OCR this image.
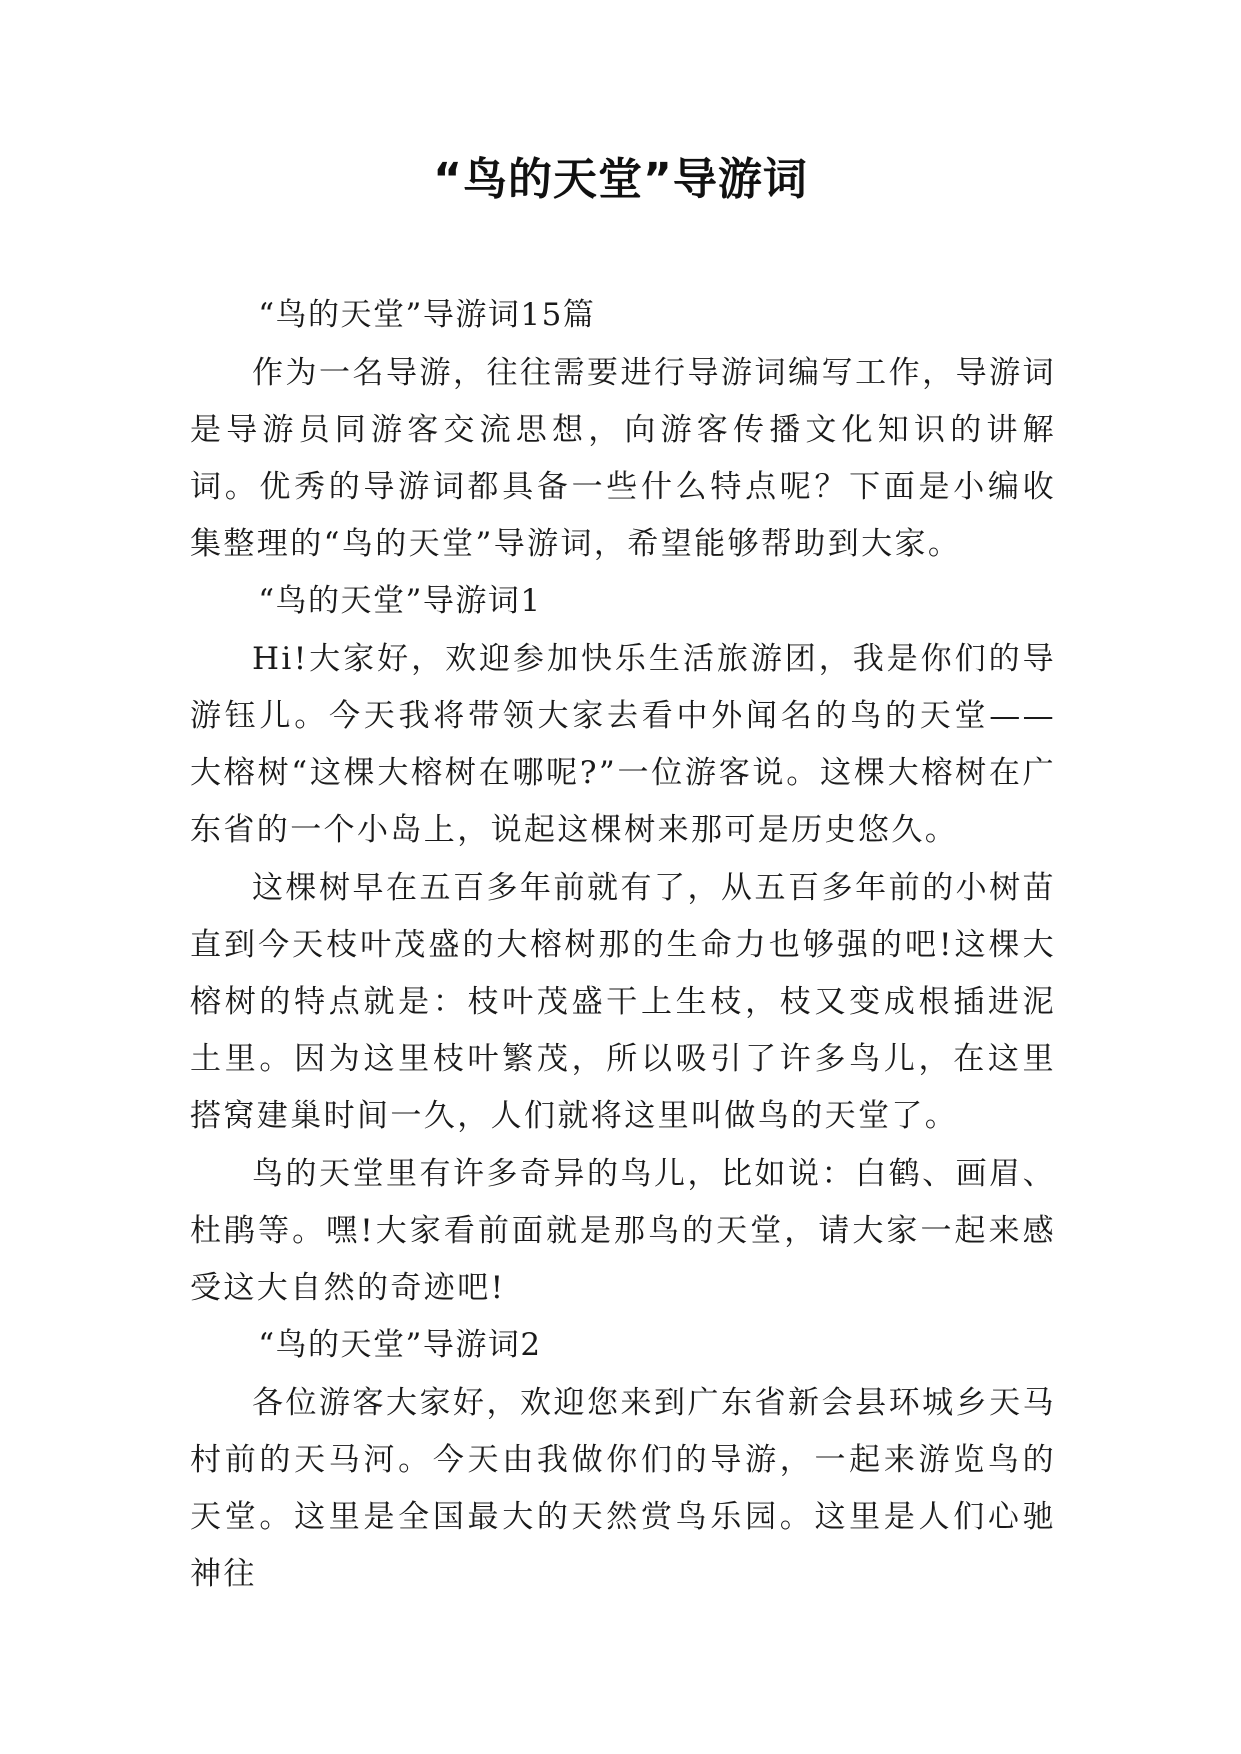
“鸟的天堂”导游词

“鸟的天堂”导游词15篇

作为一名导游，往往需要进行导游词编写工作，导游词是导游员同游客交流思想，向游客传播文化知识的讲解词。优秀的导游词都具备一些什么特点呢？下面是小编收集整理的“鸟的天堂”导游词，希望能够帮助到大家。

“鸟的天堂”导游词1

Hi!大家好，欢迎参加快乐生活旅游团，我是你们的导游钰儿。今天我将带领大家去看中外闻名的鸟的天堂——大榕树“这棵大榕树在哪呢?”一位游客说。这棵大榕树在广东省的一个小岛上，说起这棵树来那可是历史悠久。

这棵树早在五百多年前就有了，从五百多年前的小树苗直到今天枝叶茂盛的大榕树那的生命力也够强的吧!这棵大榕树的特点就是：枝叶茂盛干上生枝，枝又变成根插进泥土里。因为这里枝叶繁茂，所以吸引了许多鸟儿，在这里搭窝建巢时间一久，人们就将这里叫做鸟的天堂了。

鸟的天堂里有许多奇异的鸟儿，比如说：白鹤、画眉、杜鹃等。嘿!大家看前面就是那鸟的天堂，请大家一起来感受这大自然的奇迹吧!

“鸟的天堂”导游词2

各位游客大家好，欢迎您来到广东省新会县环城乡天马村前的天马河。今天由我做你们的导游，一起来游览鸟的天堂。这里是全国最大的天然赏鸟乐园。这里是人们心驰神往
